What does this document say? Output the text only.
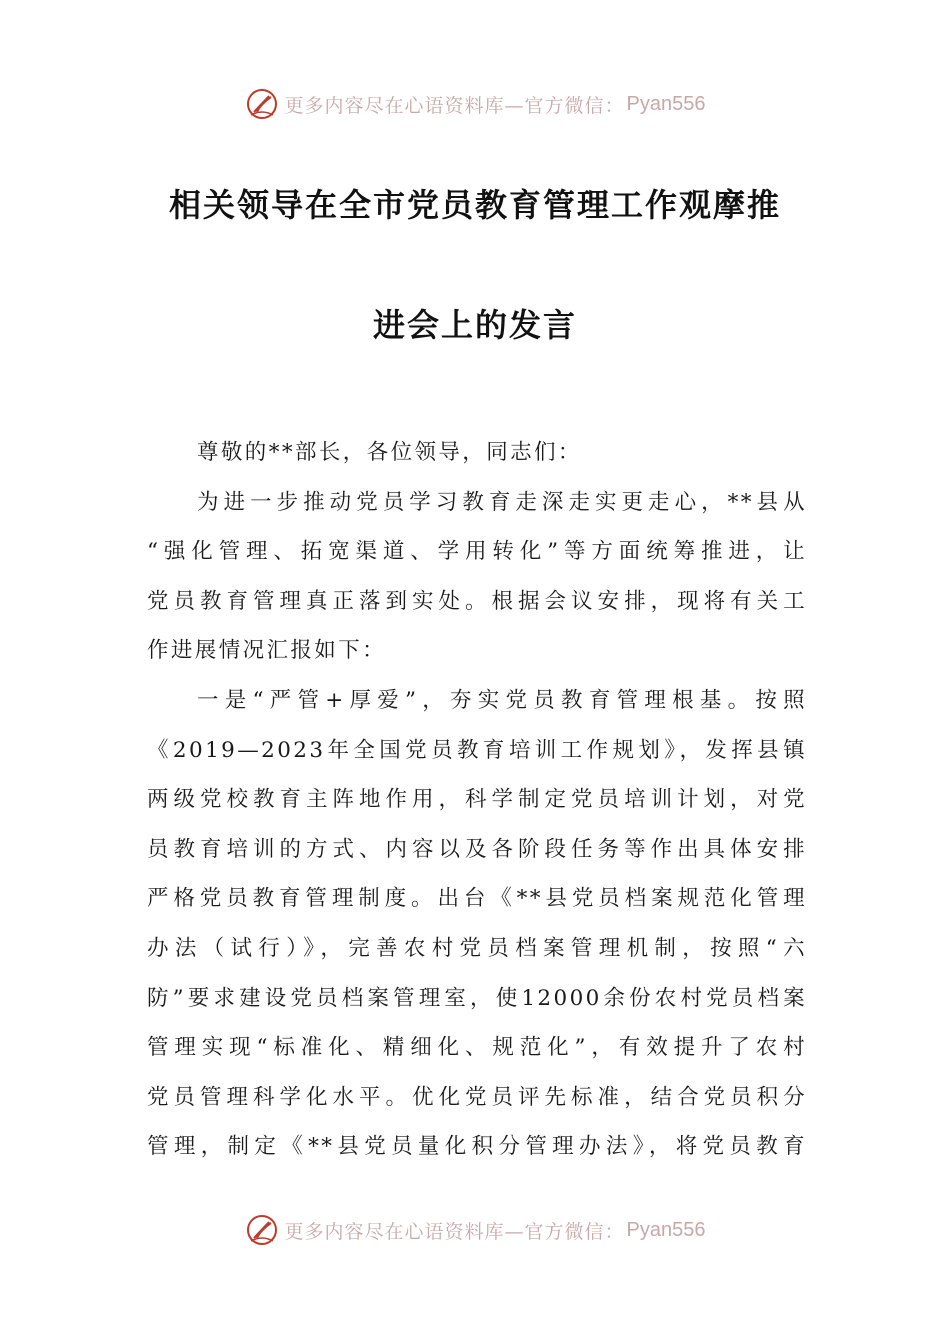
更多内容尽在心语资料库—官方微信： Pyan556
相关领导在全市党员教育管理工作观摩推
进会上的发言

尊敬的**部长，各位领导，同志们：

为进一步推动党员学习教育走深走实更走心，**县从

“强化管理、拓宽渠道、学用转化”等方面统筹推进，让

党员教育管理真正落到实处。根据会议安排，现将有关工

作进展情况汇报如下：

一是“严管+厚爱”，夯实党员教育管理根基。按照

《2019—2023年全国党员教育培训工作规划》，发挥县镇

两级党校教育主阵地作用，科学制定党员培训计划，对党

员教育培训的方式、内容以及各阶段任务等作出具体安排

严格党员教育管理制度。出台《**县党员档案规范化管理

办法（试行）》，完善农村党员档案管理机制，按照“六

防”要求建设党员档案管理室，使12000余份农村党员档案

管理实现“标准化、精细化、规范化”，有效提升了农村

党员管理科学化水平。优化党员评先标准，结合党员积分

管理，制定《**县党员量化积分管理办法》，将党员教育

更多内容尽在心语资料库—官方微信： Pyan556
